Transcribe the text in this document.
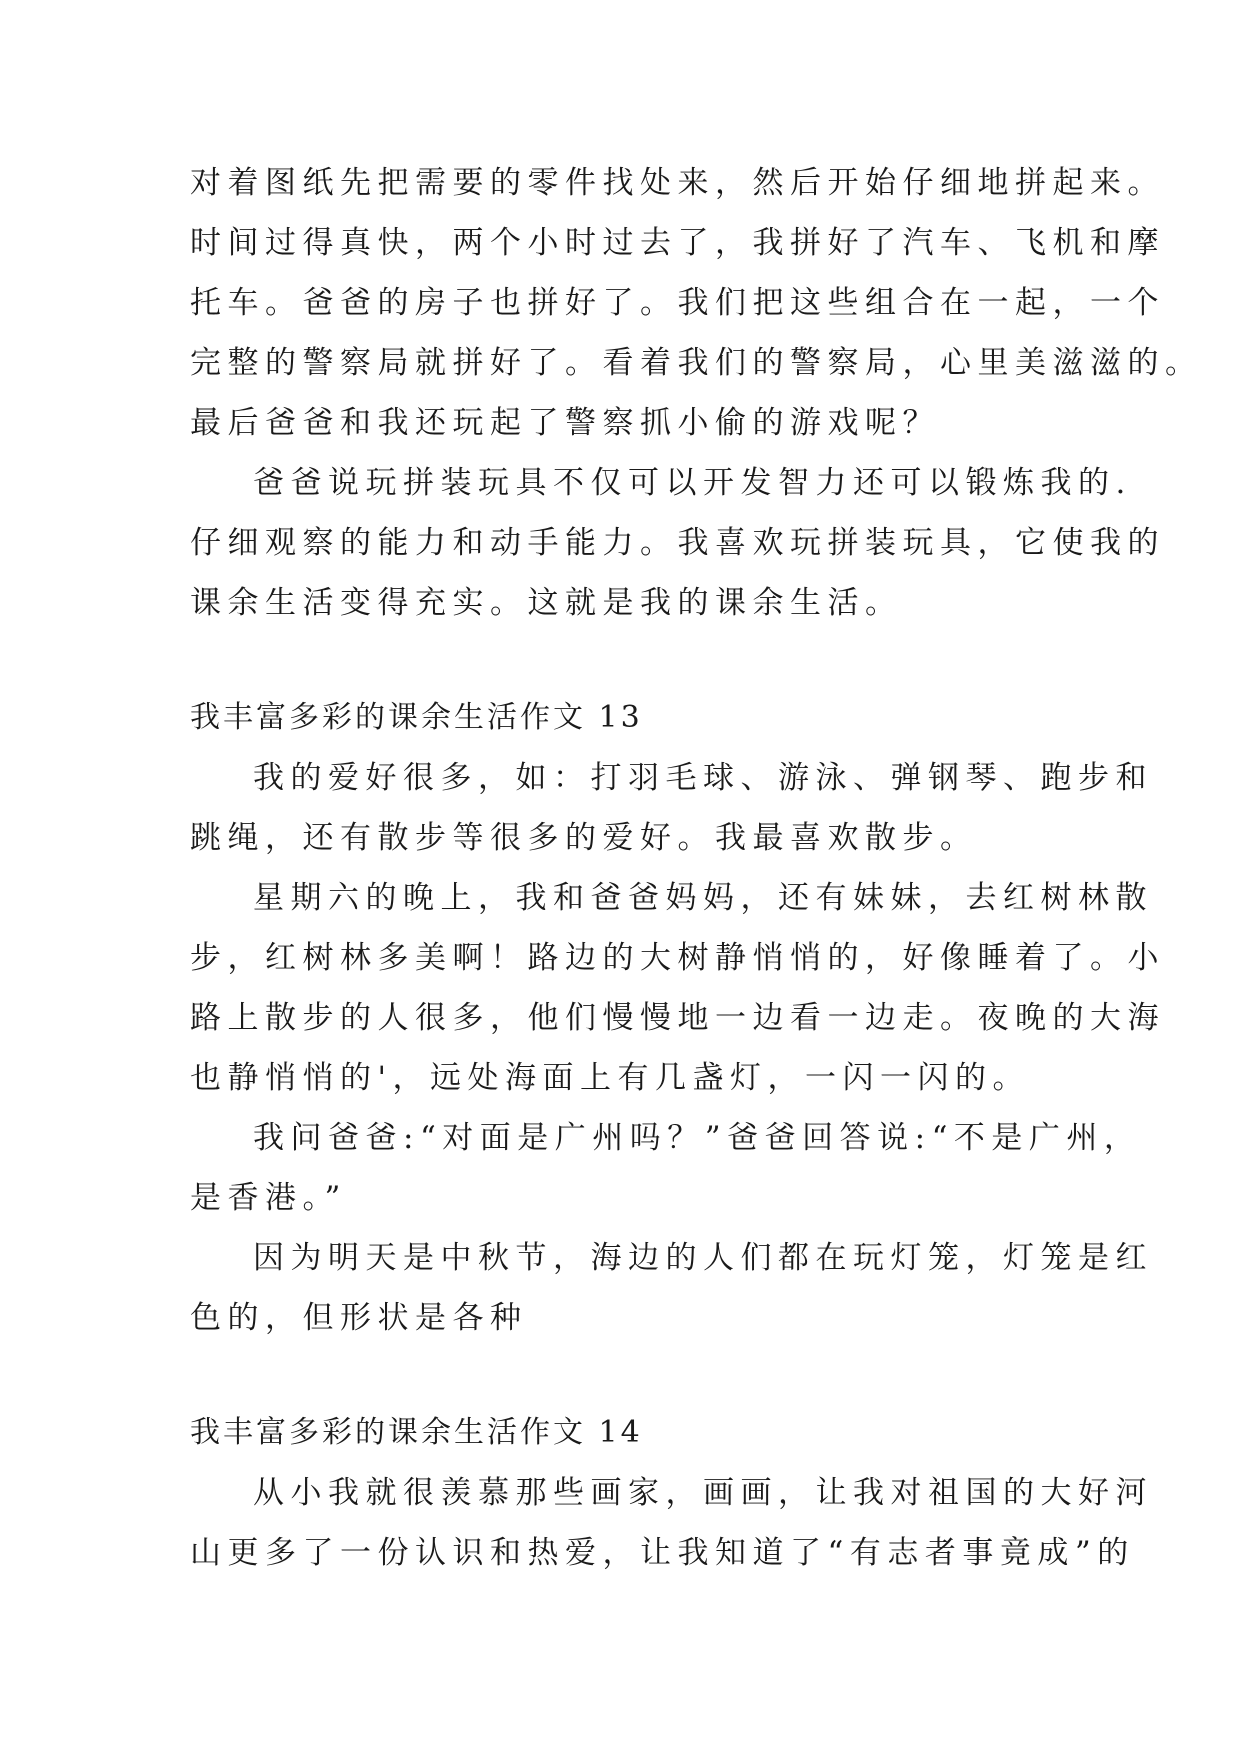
对着图纸先把需要的零件找处来，然后开始仔细地拼起来。
时间过得真快，两个小时过去了，我拼好了汽车、飞机和摩
托车。爸爸的房子也拼好了。我们把这些组合在一起，一个
完整的警察局就拼好了。看着我们的警察局，心里美滋滋的。
最后爸爸和我还玩起了警察抓小偷的游戏呢？
爸爸说玩拼装玩具不仅可以开发智力还可以锻炼我的.
仔细观察的能力和动手能力。我喜欢玩拼装玩具，它使我的
课余生活变得充实。这就是我的课余生活。
我丰富多彩的课余生活作文 13
我的爱好很多，如：打羽毛球、游泳、弹钢琴、跑步和
跳绳，还有散步等很多的爱好。我最喜欢散步。
星期六的晚上，我和爸爸妈妈，还有妹妹，去红树林散
步，红树林多美啊！路边的大树静悄悄的，好像睡着了。小
路上散步的人很多，他们慢慢地一边看一边走。夜晚的大海
也静悄悄的'，远处海面上有几盏灯，一闪一闪的。
我问爸爸:“对面是广州吗？”爸爸回答说:“不是广州，
是香港。”
因为明天是中秋节，海边的人们都在玩灯笼，灯笼是红
色的，但形状是各种
我丰富多彩的课余生活作文 14
从小我就很羡慕那些画家，画画，让我对祖国的大好河
山更多了一份认识和热爱，让我知道了“有志者事竟成”的
